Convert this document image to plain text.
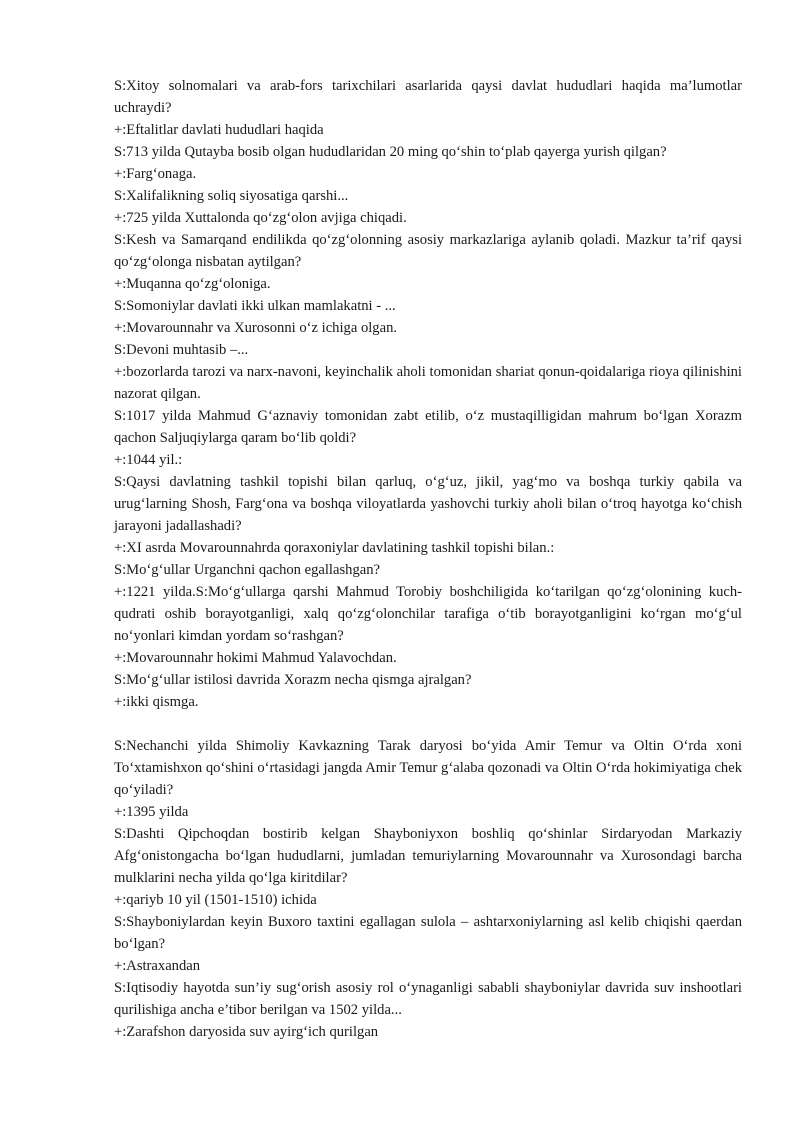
S:Xitoy solnomalari va arab-fors tarixchilari asarlarida qaysi davlat hududlari haqida ma’lumotlar uchraydi?

+:Eftalitlar davlati hududlari haqida

S:713 yilda Qutayba bosib olgan hududlaridan 20 ming qo‘shin to‘plab qayerga yurish qilgan?

+:Farg‘onaga.

S:Xalifalikning soliq siyosatiga qarshi...

+:725 yilda Xuttalonda qo‘zg‘olon avjiga chiqadi.

S:Kesh va Samarqand endilikda qo‘zg‘olonning asosiy markazlariga aylanib qoladi. Mazkur ta’rif qaysi qo‘zg‘olonga nisbatan aytilgan?

+:Muqanna qo‘zg‘oloniga.

S:Somoniylar davlati ikki ulkan mamlakatni - ...

+:Movarounnahr va Xurosonni o‘z ichiga olgan.

S:Devoni muhtasib –...

+:bozorlarda tarozi va narx-navoni, keyinchalik aholi tomonidan shariat qonun-qoidalariga rioya qilinishini nazorat qilgan.

S:1017 yilda Mahmud G‘aznaviy tomonidan zabt etilib, o‘z mustaqilligidan mahrum bo‘lgan Xorazm qachon Saljuqiylarga qaram bo‘lib qoldi?

+:1044 yil.:

S:Qaysi davlatning tashkil topishi bilan qarluq, o‘g‘uz, jikil, yag‘mo va boshqa turkiy qabila va urug‘larning Shosh, Farg‘ona va boshqa viloyatlarda yashovchi turkiy aholi bilan o‘troq hayotga ko‘chish jarayoni jadallashadi?

+:XI asrda Movarounnahrda qoraxoniylar davlatining tashkil topishi bilan.:

S:Mo‘g‘ullar Urganchni qachon egallashgan?

+:1221 yilda.S:Mo‘g‘ullarga qarshi Mahmud Torobiy boshchiligida ko‘tarilgan qo‘zg‘olonining kuch-qudrati oshib borayotganligi, xalq qo‘zg‘olonchilar tarafiga o‘tib borayotganligini ko‘rgan mo‘g‘ul no‘yonlari kimdan yordam so‘rashgan?

+:Movarounnahr hokimi Mahmud Yalavochdan.

S:Mo‘g‘ullar istilosi davrida Xorazm necha qismga ajralgan?

+:ikki qismga.

S:Nechanchi yilda Shimoliy Kavkazning Tarak daryosi bo‘yida Amir Temur va Oltin O‘rda xoni To‘xtamishxon qo‘shini o‘rtasidagi jangda Amir Temur g‘alaba qozonadi va Oltin O‘rda hokimiyatiga chek qo‘yiladi?

+:1395 yilda

S:Dashti Qipchoqdan bostirib kelgan Shayboniyxon boshliq qo‘shinlar Sirdaryodan Markaziy Afg‘onistongacha bo‘lgan hududlarni, jumladan temuriylarning Movarounnahr va Xurosondagi barcha mulklarini necha yilda qo‘lga kiritdilar?

+:qariyb 10 yil (1501-1510) ichida

S:Shayboniylardan keyin Buxoro taxtini egallagan sulola – ashtarxoniylarning asl kelib chiqishi qaerdan bo‘lgan?

+:Astraxandan

S:Iqtisodiy hayotda sun’iy sug‘orish asosiy rol o‘ynaganligi sababli shayboniylar davrida suv inshootlari qurilishiga ancha e’tibor berilgan va 1502 yilda...

+:Zarafshon daryosida suv ayirg‘ich qurilgan
